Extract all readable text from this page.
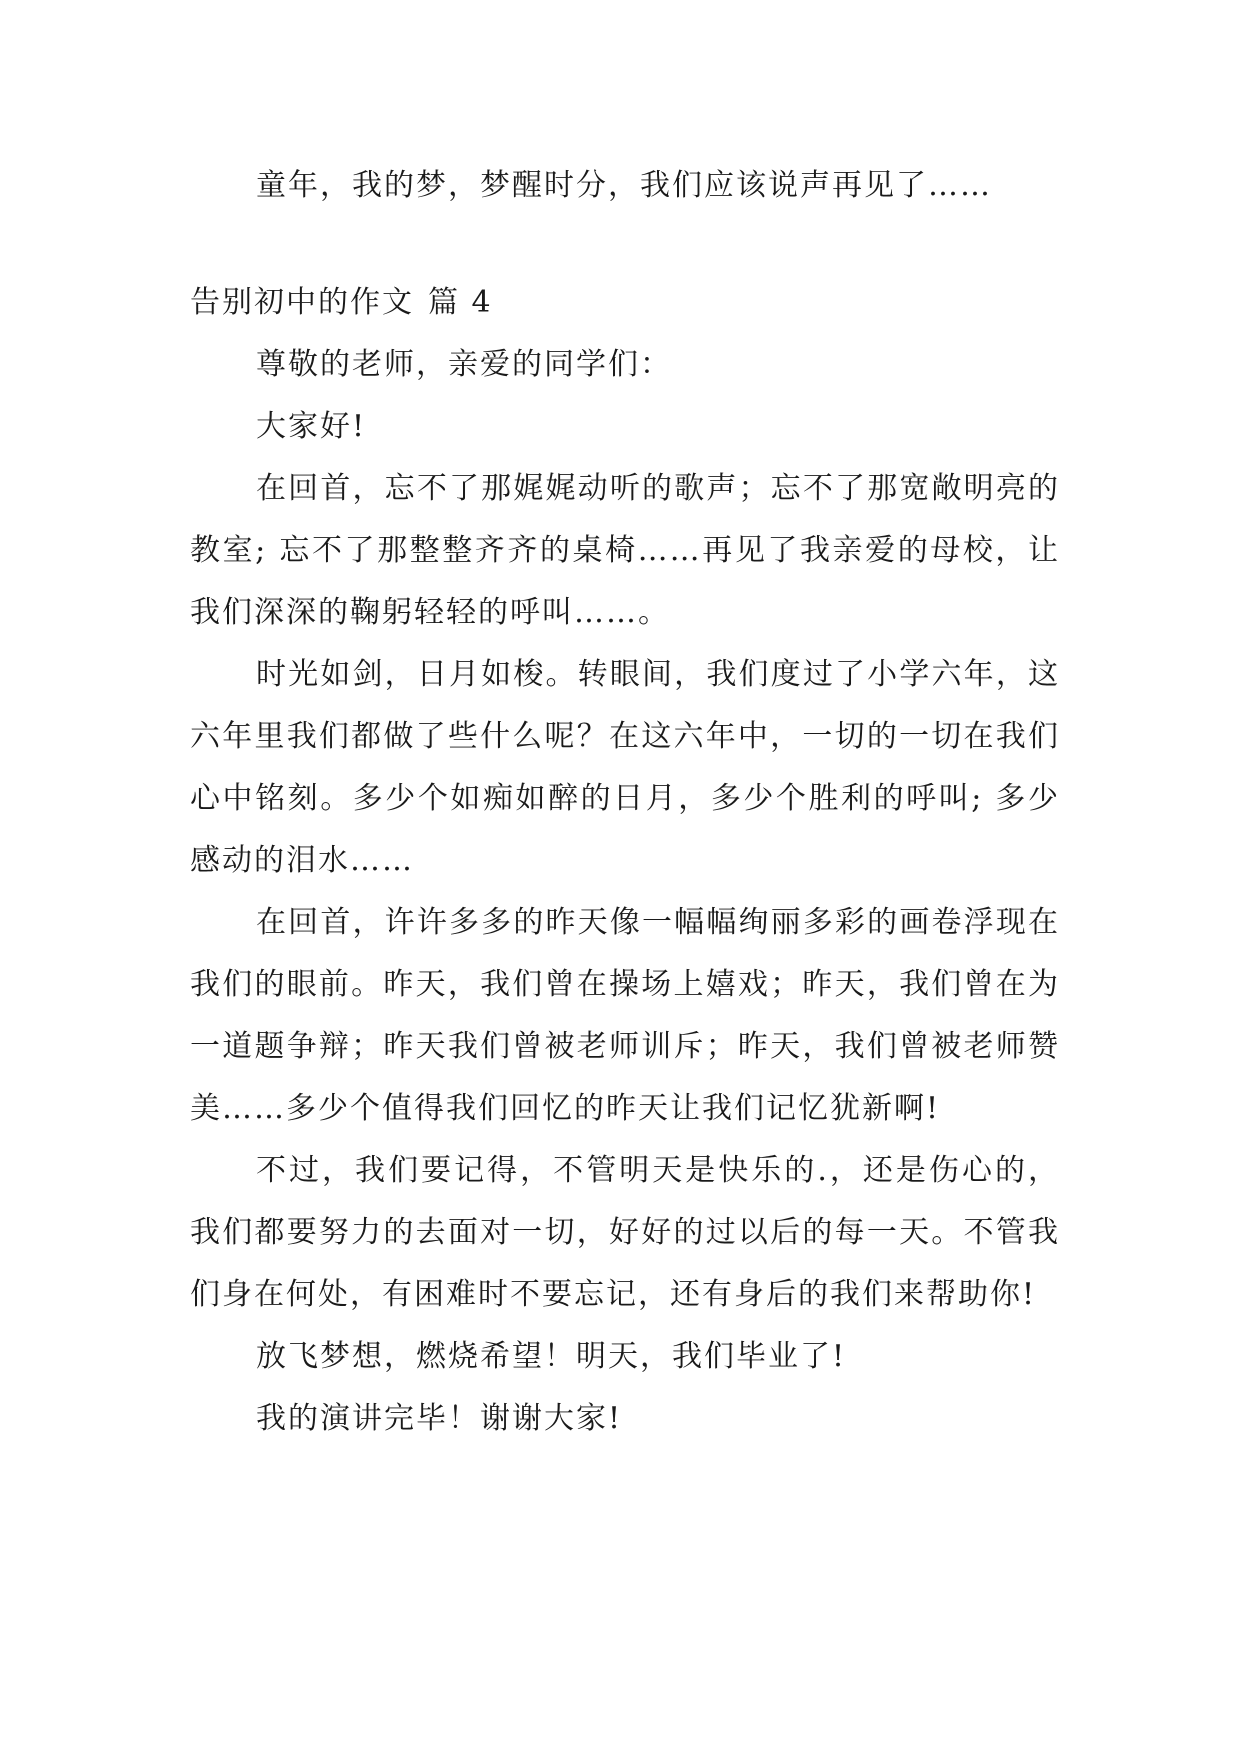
童年，我的梦，梦醒时分，我们应该说声再见了……

告别初中的作文 篇 4

尊敬的老师，亲爱的同学们：

大家好!

在回首，忘不了那娓娓动听的歌声；忘不了那宽敞明亮的教室; 忘不了那整整齐齐的桌椅……再见了我亲爱的母校，让我们深深的鞠躬轻轻的呼叫……。

时光如剑，日月如梭。转眼间，我们度过了小学六年，这六年里我们都做了些什么呢？在这六年中，一切的一切在我们心中铭刻。多少个如痴如醉的日月，多少个胜利的呼叫; 多少感动的泪水……

在回首，许许多多的昨天像一幅幅绚丽多彩的画卷浮现在我们的眼前。昨天，我们曾在操场上嬉戏；昨天，我们曾在为一道题争辩；昨天我们曾被老师训斥；昨天，我们曾被老师赞美……多少个值得我们回忆的昨天让我们记忆犹新啊!

不过，我们要记得，不管明天是快乐的.，还是伤心的，我们都要努力的去面对一切，好好的过以后的每一天。不管我们身在何处，有困难时不要忘记，还有身后的我们来帮助你!

放飞梦想，燃烧希望！明天，我们毕业了!

我的演讲完毕！谢谢大家!
